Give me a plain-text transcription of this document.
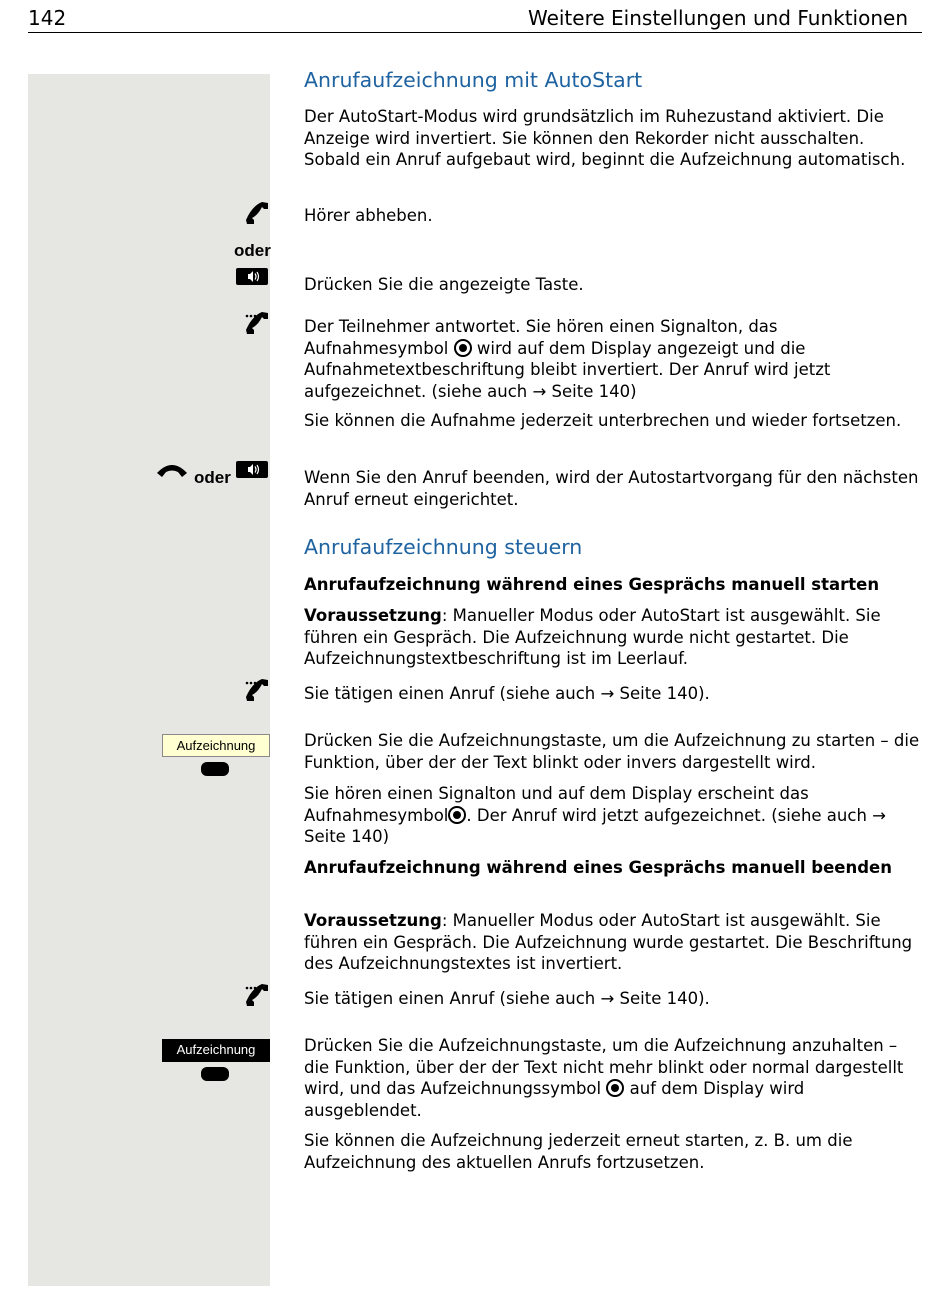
142	Weitere Einstellungen und Funktionen
Anrufaufzeichnung mit AutoStart
Der AutoStart-Modus wird grundsätzlich im Ruhezustand aktiviert. Die Anzeige wird invertiert. Sie können den Rekorder nicht ausschalten. Sobald ein Anruf aufgebaut wird, beginnt die Aufzeichnung automatisch.
Hörer abheben.
oder
Drücken Sie die angezeigte Taste.
Der Teilnehmer antwortet. Sie hören einen Signalton, das Aufnahmesymbol wird auf dem Display angezeigt und die Aufnahmetextbeschriftung bleibt invertiert. Der Anruf wird jetzt aufgezeichnet. (siehe auch → Seite 140)
Sie können die Aufnahme jederzeit unterbrechen und wieder fortsetzen.
oder	Wenn Sie den Anruf beenden, wird der Autostartvorgang für den nächsten Anruf erneut eingerichtet.
Anrufaufzeichnung steuern
Anrufaufzeichnung während eines Gesprächs manuell starten
Voraussetzung: Manueller Modus oder AutoStart ist ausgewählt. Sie führen ein Gespräch. Die Aufzeichnung wurde nicht gestartet. Die Aufzeichnungstextbeschriftung ist im Leerlauf.
Sie tätigen einen Anruf (siehe auch → Seite 140).
Aufzeichnung	Drücken Sie die Aufzeichnungstaste, um die Aufzeichnung zu starten – die Funktion, über der der Text blinkt oder invers dargestellt wird.
Sie hören einen Signalton und auf dem Display erscheint das Aufnahmesymbol . Der Anruf wird jetzt aufgezeichnet. (siehe auch → Seite 140)
Anrufaufzeichnung während eines Gesprächs manuell beenden
Voraussetzung: Manueller Modus oder AutoStart ist ausgewählt. Sie führen ein Gespräch. Die Aufzeichnung wurde gestartet. Die Beschriftung des Aufzeichnungstextes ist invertiert.
Sie tätigen einen Anruf (siehe auch → Seite 140).
Aufzeichnung	Drücken Sie die Aufzeichnungstaste, um die Aufzeichnung anzuhalten – die Funktion, über der der Text nicht mehr blinkt oder normal dargestellt wird, und das Aufzeichnungssymbol auf dem Display wird ausgeblendet.
Sie können die Aufzeichnung jederzeit erneut starten, z. B. um die Aufzeichnung des aktuellen Anrufs fortzusetzen.
